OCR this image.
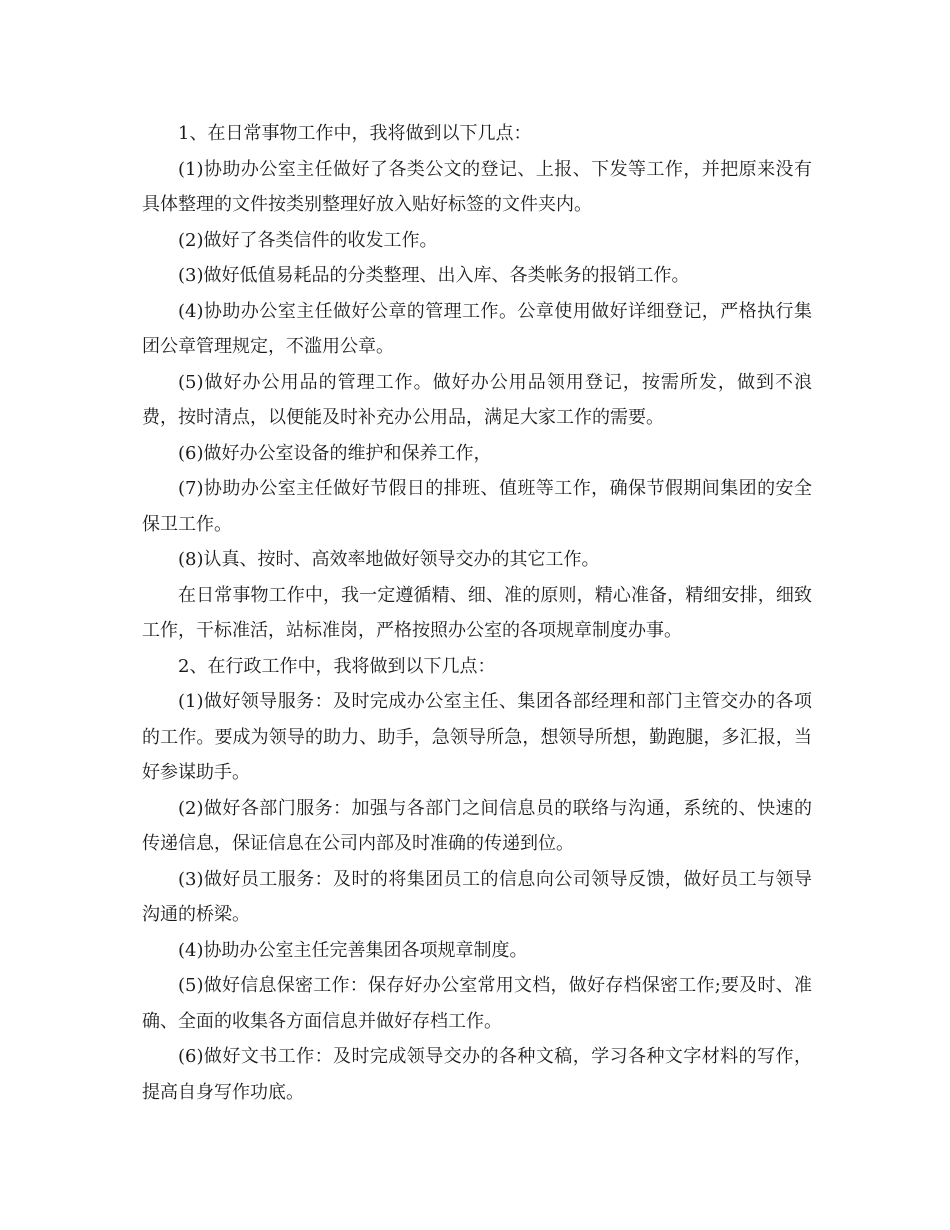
1、在日常事物工作中，我将做到以下几点：

(1)协助办公室主任做好了各类公文的登记、上报、下发等工作，并把原来没有具体整理的文件按类别整理好放入贴好标签的文件夹内。

(2)做好了各类信件的收发工作。

(3)做好低值易耗品的分类整理、出入库、各类帐务的报销工作。

(4)协助办公室主任做好公章的管理工作。公章使用做好详细登记，严格执行集团公章管理规定，不滥用公章。

(5)做好办公用品的管理工作。做好办公用品领用登记，按需所发，做到不浪费，按时清点，以便能及时补充办公用品，满足大家工作的需要。

(6)做好办公室设备的维护和保养工作，

(7)协助办公室主任做好节假日的排班、值班等工作，确保节假期间集团的安全保卫工作。

(8)认真、按时、高效率地做好领导交办的其它工作。

在日常事物工作中，我一定遵循精、细、准的原则，精心准备，精细安排，细致工作，干标准活，站标准岗，严格按照办公室的各项规章制度办事。

2、在行政工作中，我将做到以下几点：

(1)做好领导服务：及时完成办公室主任、集团各部经理和部门主管交办的各项的工作。要成为领导的助力、助手，急领导所急，想领导所想，勤跑腿，多汇报，当好参谋助手。

(2)做好各部门服务：加强与各部门之间信息员的联络与沟通，系统的、快速的传递信息，保证信息在公司内部及时准确的传递到位。

(3)做好员工服务：及时的将集团员工的信息向公司领导反馈，做好员工与领导沟通的桥梁。

(4)协助办公室主任完善集团各项规章制度。

(5)做好信息保密工作：保存好办公室常用文档，做好存档保密工作;要及时、准确、全面的收集各方面信息并做好存档工作。

(6)做好文书工作：及时完成领导交办的各种文稿，学习各种文字材料的写作，提高自身写作功底。
